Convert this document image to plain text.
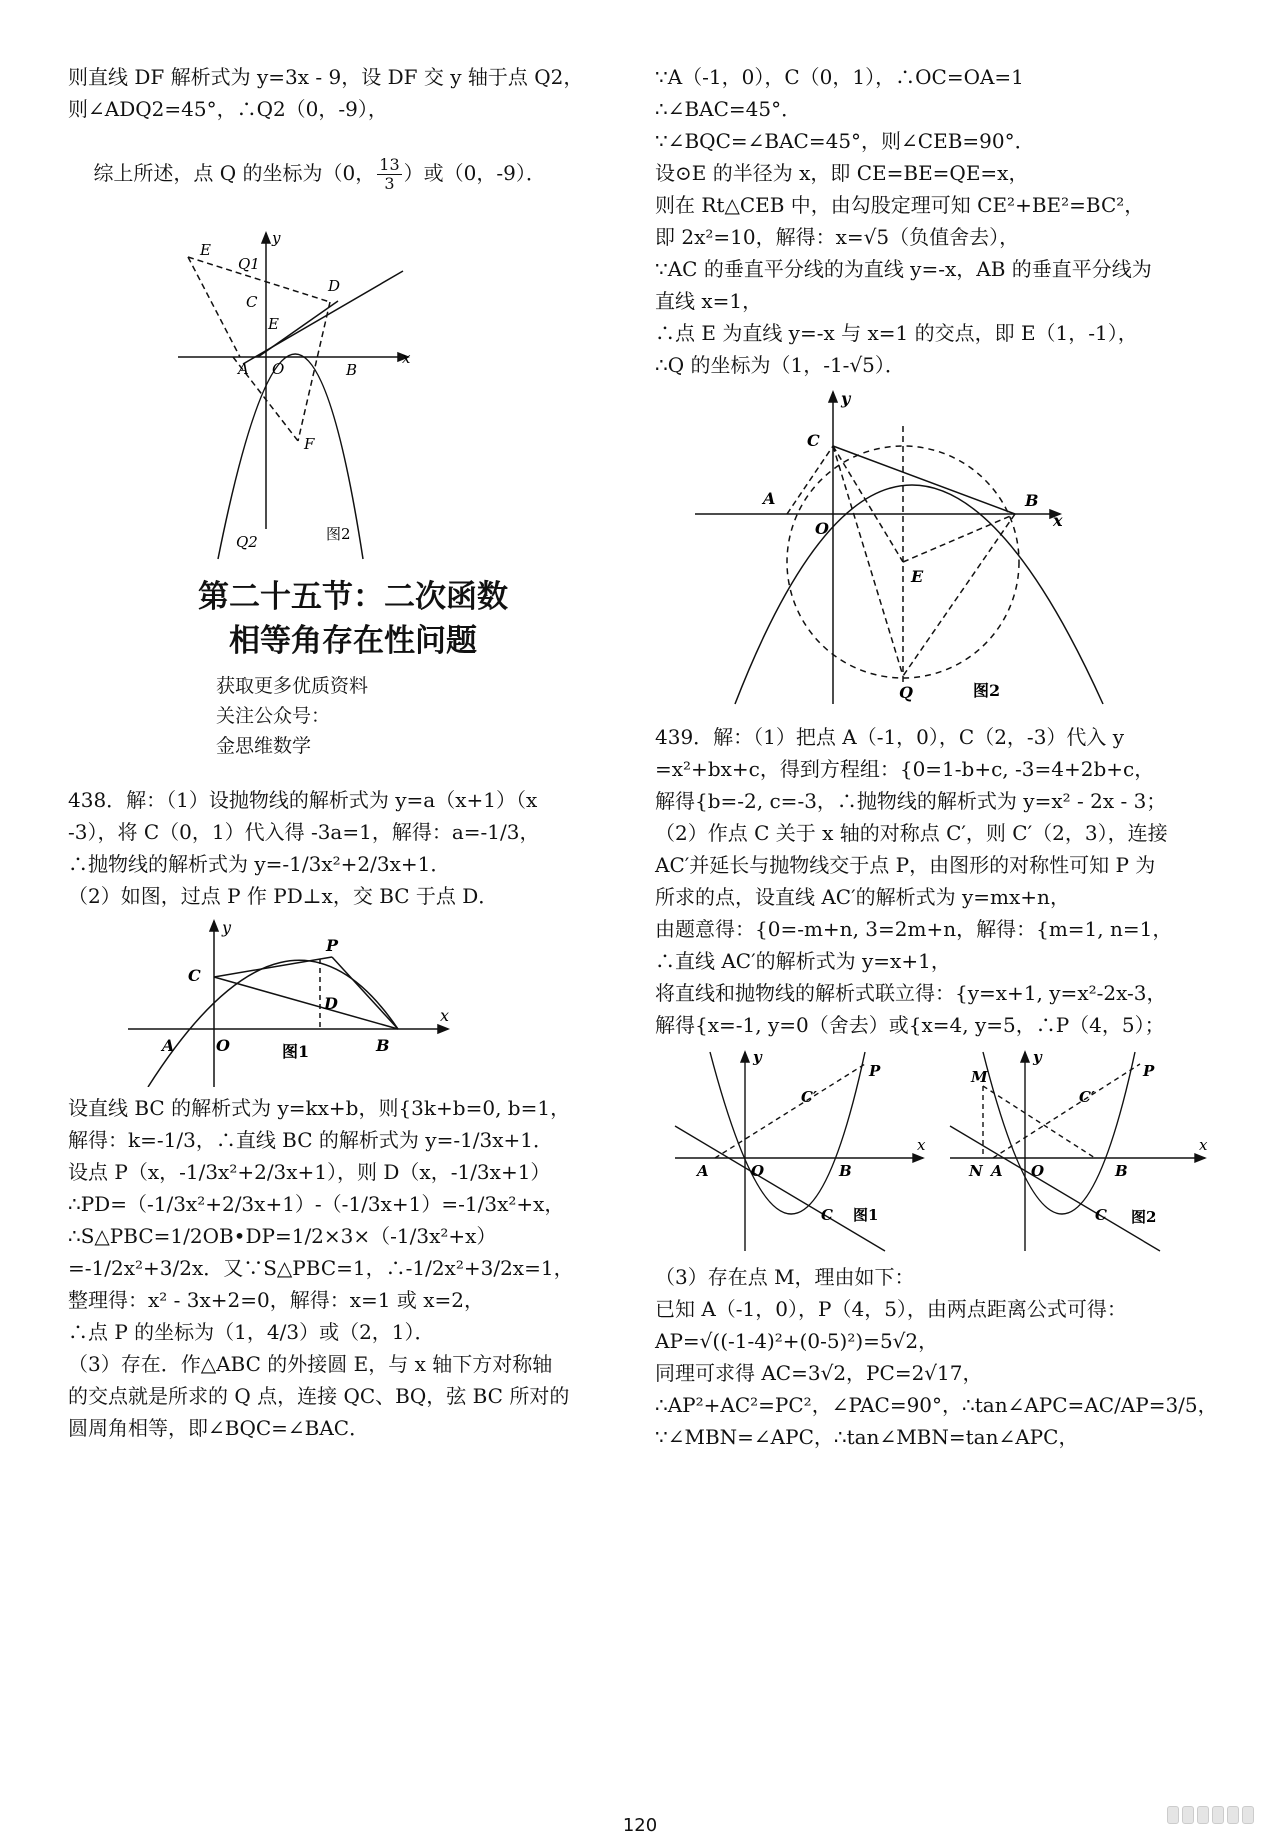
则直线 DF 解析式为 y=3x - 9，设 DF 交 y 轴于点 Q2，
则∠ADQ2=45°，∴Q2（0，-9），

综上所述，点 Q 的坐标为（0， $\frac{13}{3}$ ）或（0，-9）．

E
Q1
D
C
E
A O	B
x
y
F
Q2	图2
第二十五节：二次函数
相等角存在性问题
获取更多优质资料
关注公众号：
金思维数学
438．解：（1）设抛物线的解析式为 y=a（x+1）（x
-3），将 C（0，1）代入得 -3a=1，解得：a=-1/3，
∴抛物线的解析式为 y=-1/3x²+2/3x+1．
（2）如图，过点 P 作 PD⊥x，交 BC 于点 D．
y
P
C
D
A	O	B
x
图1
设直线 BC 的解析式为 y=kx+b，则{3k+b=0, b=1，
解得：k=-1/3，∴直线 BC 的解析式为 y=-1/3x+1．
设点 P（x，-1/3x²+2/3x+1），则 D（x，-1/3x+1）
∴PD=（-1/3x²+2/3x+1）-（-1/3x+1）=-1/3x²+x，
∴S△PBC=1/2OB•DP=1/2×3×（-1/3x²+x）
=-1/2x²+3/2x．又∵S△PBC=1，∴-1/2x²+3/2x=1，
整理得：x² - 3x+2=0，解得：x=1 或 x=2，
∴点 P 的坐标为（1，4/3）或（2，1）．
（3）存在．作△ABC 的外接圆 E，与 x 轴下方对称轴
的交点就是所求的 Q 点，连接 QC、BQ，弦 BC 所对的
圆周角相等，即∠BQC=∠BAC．
∵A（-1，0），C（0，1），∴OC=OA=1
∴∠BAC=45°．
∵∠BQC=∠BAC=45°，则∠CEB=90°．
设⊙E 的半径为 x，即 CE=BE=QE=x，
则在 Rt△CEB 中，由勾股定理可知 CE²+BE²=BC²，
即 2x²=10，解得：x=√5（负值舍去），
∵AC 的垂直平分线的为直线 y=-x，AB 的垂直平分线为
直线 x=1，
∴点 E 为直线 y=-x 与 x=1 的交点，即 E（1，-1），
∴Q 的坐标为（1，-1-√5）．
y
C
A
O
B
x
E
Q	图2
439．解：（1）把点 A（-1，0），C（2，-3）代入 y
=x²+bx+c，得到方程组：{0=1-b+c, -3=4+2b+c，
解得{b=-2, c=-3，∴抛物线的解析式为 y=x² - 2x - 3；
（2）作点 C 关于 x 轴的对称点 C′，则 C′（2，3），连接
AC′并延长与抛物线交于点 P，由图形的对称性可知 P 为
所求的点，设直线 AC′的解析式为 y=mx+n，
由题意得：{0=-m+n, 3=2m+n，解得：{m=1, n=1，
∴直线 AC′的解析式为 y=x+1，
将直线和抛物线的解析式联立得：{y=x+1, y=x²-2x-3，
解得{x=-1, y=0（舍去）或{x=4, y=5，∴P（4，5）；
y
P
C′
A	O	B
C
x
图1
y
P
M
C′
N A O	B
C
x
图2
（3）存在点 M，理由如下：
已知 A（-1，0），P（4，5），由两点距离公式可得：
AP=√((-1-4)²+(0-5)²)=5√2，
同理可求得 AC=3√2，PC=2√17，
∴AP²+AC²=PC²，∠PAC=90°，∴tan∠APC=AC/AP=3/5，
∵∠MBN=∠APC，∴tan∠MBN=tan∠APC，
120
